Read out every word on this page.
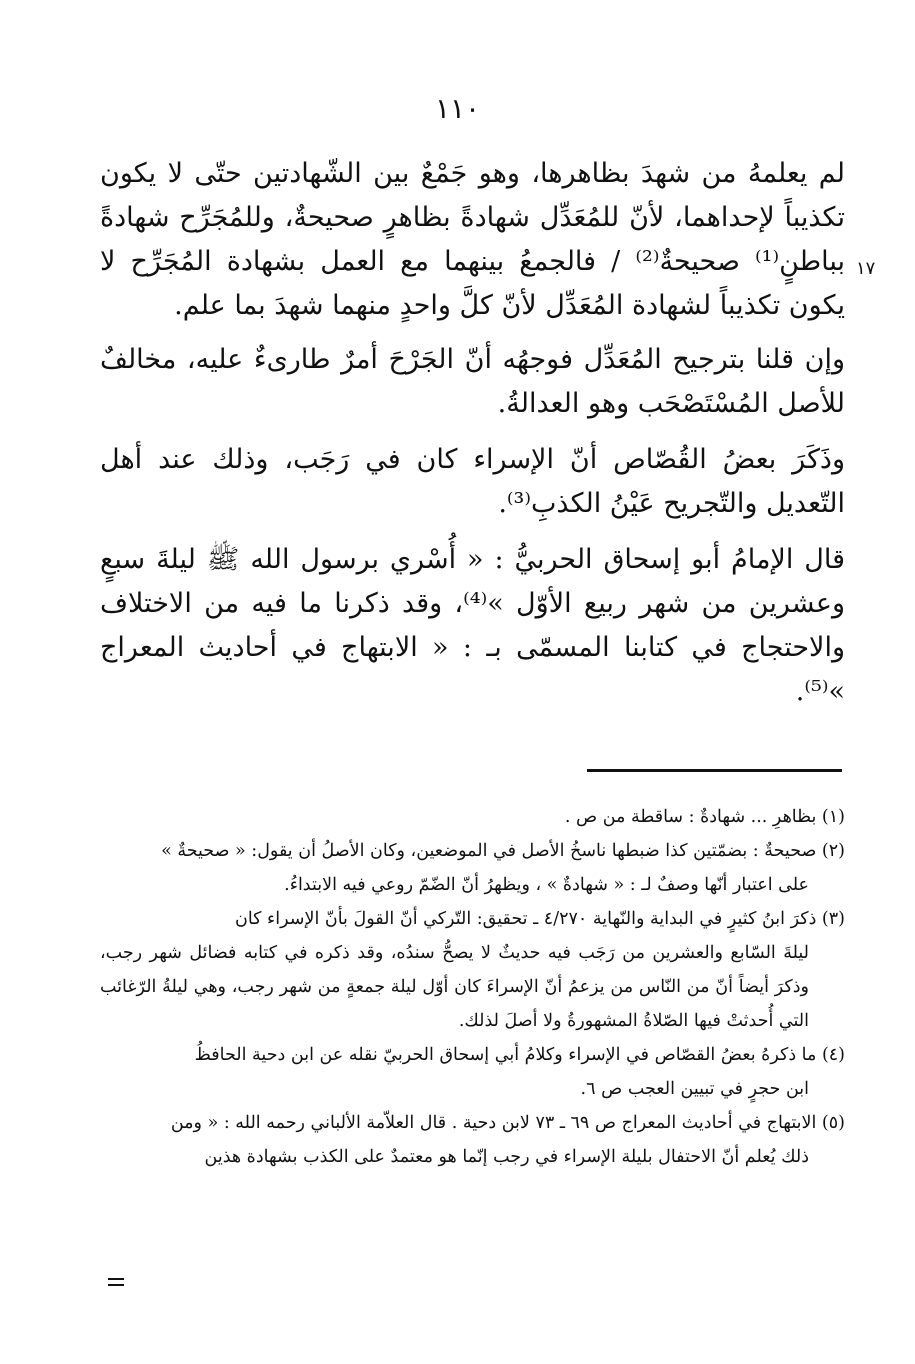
١١٠
١٧

لم يعلمهُ من شهدَ بظاهرها، وهو جَمْعٌ بين الشّهادتين حتّى لا يكون تكذيباً لإحداهما، لأنّ للمُعَدِّل شهادةً بظاهرٍ صحيحةٌ، وللمُجَرِّح شهادةً بباطنٍ⁽¹⁾ صحيحةٌ⁽²⁾ / فالجمعُ بينهما مع العمل بشهادة المُجَرِّح لا يكون تكذيباً لشهادة المُعَدِّل لأنّ كلَّ واحدٍ منهما شهدَ بما علم.

وإن قلنا بترجيح المُعَدِّل فوجهُه أنّ الجَرْحَ أمرٌ طارىءٌ عليه، مخالفٌ للأصل المُسْتَصْحَب وهو العدالةُ.

وذَكَرَ بعضُ القُصّاص أنّ الإسراء كان في رَجَب، وذلك عند أهل التّعديل والتّجريح عَيْنُ الكذبِ⁽³⁾.

قال الإمامُ أبو إسحاق الحربيُّ : « أُسْري برسول الله ﷺ ليلةَ سبعٍ وعشرين من شهر ربيع الأوّل »⁽⁴⁾، وقد ذكرنا ما فيه من الاختلاف والاحتجاج في كتابنا المسمّى بـ : « الابتهاج في أحاديث المعراج »⁽⁵⁾.

(١) بظاهرِ ... شهادةٌ : ساقطة من ص .

(٢) صحيحةٌ : بضمّتين كذا ضبطها ناسخُ الأصل في الموضعين، وكان الأصلُ أن يقول: « صحيحةٌ »

على اعتبار أنّها وصفٌ لـ : « شهادةٌ » ، ويظهرُ أنّ الضّمّ روعي فيه الابتداءُ.

(٣) ذكرَ ابنُ كثيرٍ في البداية والنّهاية ٤/٢٧٠ ـ تحقيق: التّركي أنّ القولَ بأنّ الإسراء كان

ليلةَ السّابع والعشرين من رَجَب فيه حديثٌ لا يصحُّ سندُه، وقد ذكره في كتابه فضائل شهر رجب، وذكرَ أيضاً أنّ من النّاس من يزعمُ أنّ الإسراءَ كان أوّل ليلة جمعةٍ من شهر رجب، وهي ليلةُ الرّغائب التي أُحدثتْ فيها الصّلاةُ المشهورةُ ولا أصلَ لذلك.

(٤) ما ذكرهُ بعضُ القصّاص في الإسراء وكلامُ أبي إسحاق الحربيّ نقله عن ابن دحية الحافظُ

ابن حجرٍ في تبيين العجب ص ٦.

(٥) الابتهاج في أحاديث المعراج ص ٦٩ ـ ٧٣ لابن دحية . قال العلاّمة الألباني رحمه الله : « ومن

ذلك يُعلم أنّ الاحتفال بليلة الإسراء في رجب إنّما هو معتمدٌ على الكذب بشهادة هذين
